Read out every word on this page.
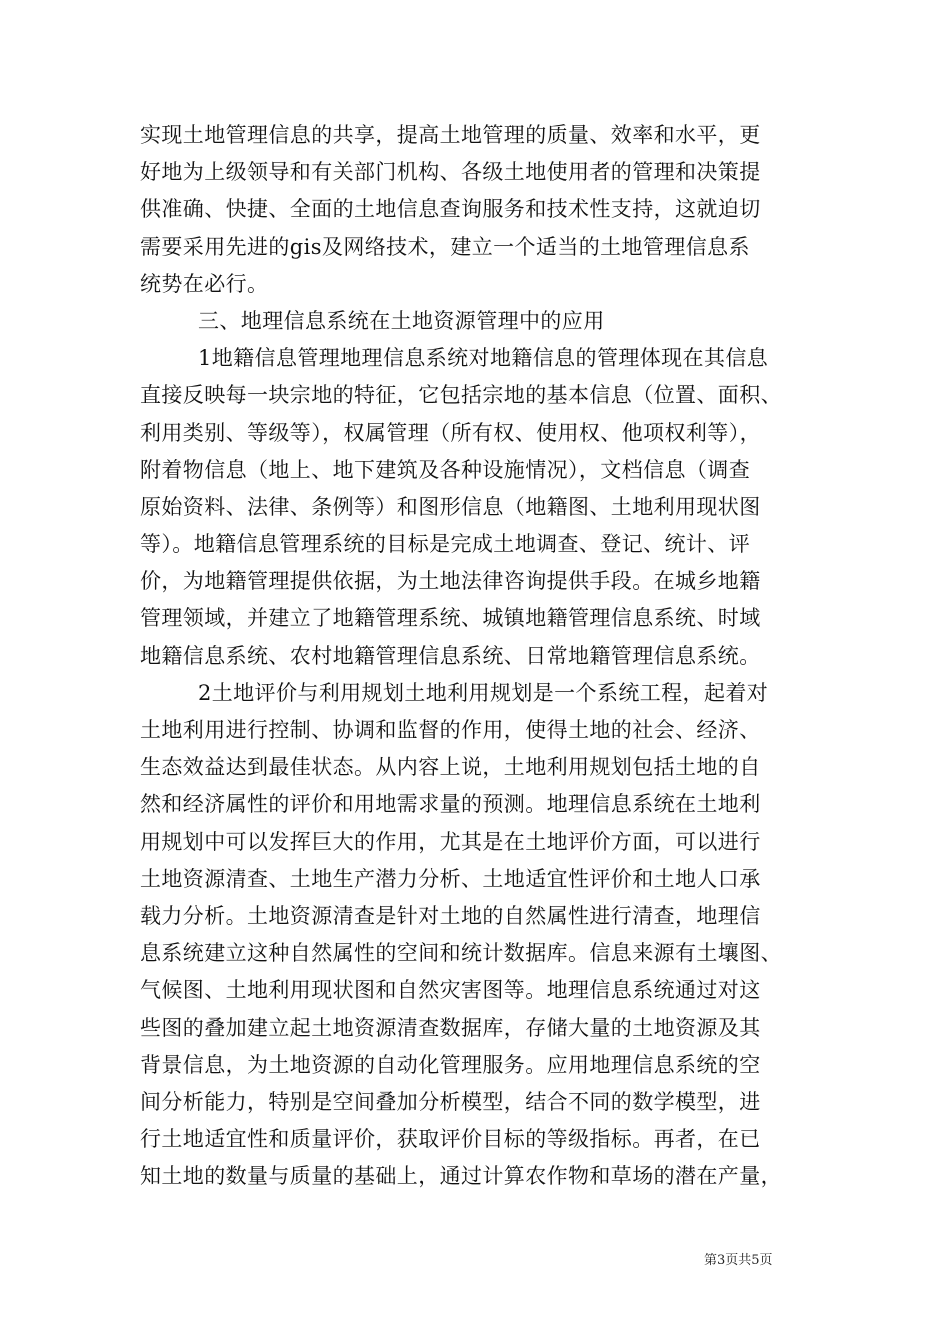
实现土地管理信息的共享，提高土地管理的质量、效率和水平，更
好地为上级领导和有关部门机构、各级土地使用者的管理和决策提
供准确、快捷、全面的土地信息查询服务和技术性支持，这就迫切
需要采用先进的gis及网络技术，建立一个适当的土地管理信息系
统势在必行。
三、地理信息系统在土地资源管理中的应用
1地籍信息管理地理信息系统对地籍信息的管理体现在其信息
直接反映每一块宗地的特征，它包括宗地的基本信息（位置、面积、
利用类别、等级等），权属管理（所有权、使用权、他项权利等），
附着物信息（地上、地下建筑及各种设施情况），文档信息（调查
原始资料、法律、条例等）和图形信息（地籍图、土地利用现状图
等）。地籍信息管理系统的目标是完成土地调查、登记、统计、评
价，为地籍管理提供依据，为土地法律咨询提供手段。在城乡地籍
管理领域，并建立了地籍管理系统、城镇地籍管理信息系统、时域
地籍信息系统、农村地籍管理信息系统、日常地籍管理信息系统。
2土地评价与利用规划土地利用规划是一个系统工程，起着对
土地利用进行控制、协调和监督的作用，使得土地的社会、经济、
生态效益达到最佳状态。从内容上说，土地利用规划包括土地的自
然和经济属性的评价和用地需求量的预测。地理信息系统在土地利
用规划中可以发挥巨大的作用，尤其是在土地评价方面，可以进行
土地资源清查、土地生产潜力分析、土地适宜性评价和土地人口承
载力分析。土地资源清查是针对土地的自然属性进行清查，地理信
息系统建立这种自然属性的空间和统计数据库。信息来源有土壤图、
气候图、土地利用现状图和自然灾害图等。地理信息系统通过对这
些图的叠加建立起土地资源清查数据库，存储大量的土地资源及其
背景信息，为土地资源的自动化管理服务。应用地理信息系统的空
间分析能力，特别是空间叠加分析模型，结合不同的数学模型，进
行土地适宜性和质量评价，获取评价目标的等级指标。再者，在已
知土地的数量与质量的基础上，通过计算农作物和草场的潜在产量，
第3页共5页
